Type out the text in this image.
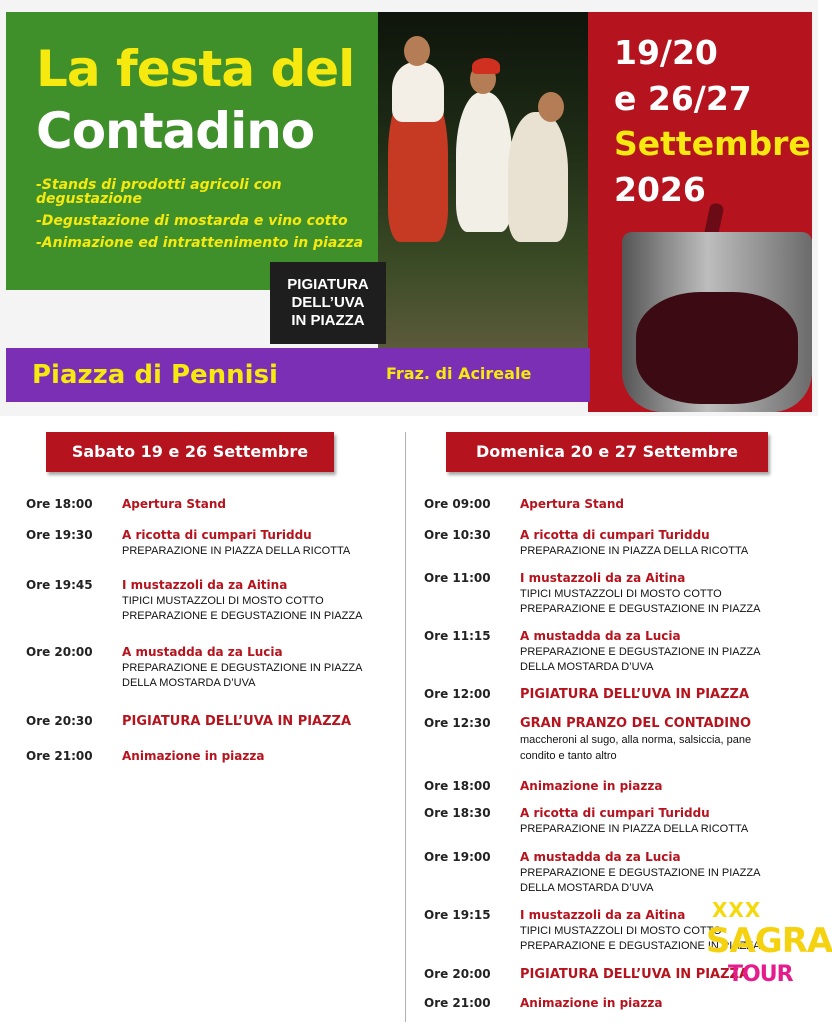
La festa del
Contadino
-Stands di prodotti agricoli con degustazione
-Degustazione di mostarda e vino cotto
-Animazione ed intrattenimento in piazza
PIGIATURA
DELL’UVA
IN PIAZZA
19/20
e 26/27
Settembre
2026
Piazza di Pennisi	Fraz. di Acireale
Sabato 19 e 26 Settembre	Domenica 20 e 27 Settembre
Ore 18:00	Apertura Stand
Ore 19:30	A ricotta di cumpari Turiddu
PREPARAZIONE IN PIAZZA DELLA RICOTTA
Ore 19:45	I mustazzoli da za Aitina
TIPICI MUSTAZZOLI DI MOSTO COTTO
PREPARAZIONE E DEGUSTAZIONE IN PIAZZA
Ore 20:00	A mustadda da za Lucia
PREPARAZIONE E DEGUSTAZIONE IN PIAZZA
DELLA MOSTARDA D’UVA
Ore 20:30	PIGIATURA DELL’UVA IN PIAZZA
Ore 21:00	Animazione in piazza
Ore 09:00	Apertura Stand
Ore 10:30	A ricotta di cumpari Turiddu
PREPARAZIONE IN PIAZZA DELLA RICOTTA
Ore 11:00	I mustazzoli da za Aitina
TIPICI MUSTAZZOLI DI MOSTO COTTO
PREPARAZIONE E DEGUSTAZIONE IN PIAZZA
Ore 11:15	A mustadda da za Lucia
PREPARAZIONE E DEGUSTAZIONE IN PIAZZA
DELLA MOSTARDA D’UVA
Ore 12:00	PIGIATURA DELL’UVA IN PIAZZA
Ore 12:30	GRAN PRANZO DEL CONTADINO
maccheroni al sugo, alla norma, salsiccia, pane
condito e tanto altro
Ore 18:00	Animazione in piazza
Ore 18:30	A ricotta di cumpari Turiddu
PREPARAZIONE IN PIAZZA DELLA RICOTTA
Ore 19:00	A mustadda da za Lucia
PREPARAZIONE E DEGUSTAZIONE IN PIAZZA
DELLA MOSTARDA D’UVA
Ore 19:15	I mustazzoli da za Aitina
TIPICI MUSTAZZOLI DI MOSTO COTTO
PREPARAZIONE E DEGUSTAZIONE IN PIAZZA
Ore 20:00	PIGIATURA DELL’UVA IN PIAZZA
Ore 21:00	Animazione in piazza
XXX
SAGRA
TOUR
